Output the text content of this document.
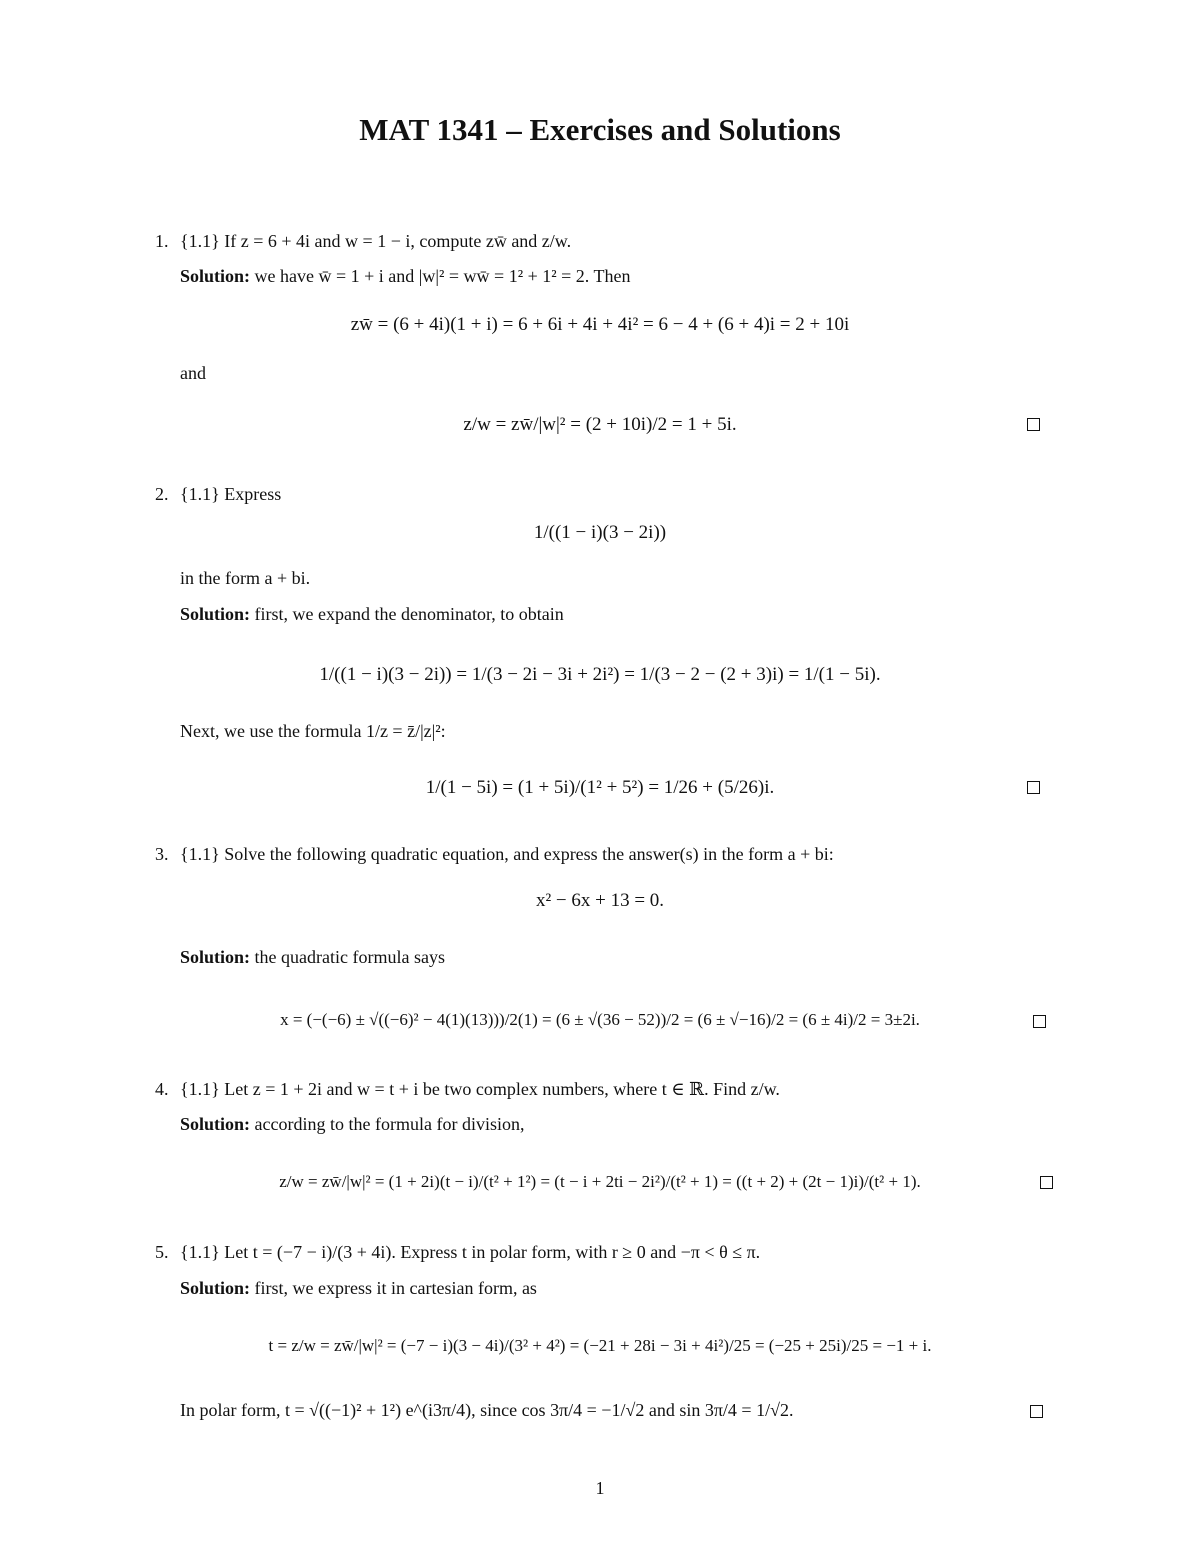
MAT 1341 – Exercises and Solutions
1. {1.1} If z = 6 + 4i and w = 1 − i, compute zw̄ and z/w.
Solution: we have w̄ = 1 + i and |w|² = ww̄ = 1² + 1² = 2. Then
zw̄ = (6 + 4i)(1 + i) = 6 + 6i + 4i + 4i² = 6 − 4 + (6 + 4)i = 2 + 10i
and
z/w = zw̄/|w|² = (2 + 10i)/2 = 1 + 5i.
2. {1.1} Express
1/((1 − i)(3 − 2i))
in the form a + bi.
Solution: first, we expand the denominator, to obtain
1/((1 − i)(3 − 2i)) = 1/(3 − 2i − 3i + 2i²) = 1/(3 − 2 − (2 + 3)i) = 1/(1 − 5i).
Next, we use the formula 1/z = z̄/|z|²:
1/(1 − 5i) = (1 + 5i)/(1² + 5²) = 1/26 + (5/26)i.
3. {1.1} Solve the following quadratic equation, and express the answer(s) in the form a + bi:
x² − 6x + 13 = 0.
Solution: the quadratic formula says
x = (−(−6) ± √((−6)² − 4(1)(13)))/2(1) = (6 ± √(36 − 52))/2 = (6 ± √−16)/2 = (6 ± 4i)/2 = 3±2i.
4. {1.1} Let z = 1 + 2i and w = t + i be two complex numbers, where t ∈ ℝ. Find z/w.
Solution: according to the formula for division,
z/w = zw̄/|w|² = (1 + 2i)(t − i)/(t² + 1²) = (t − i + 2ti − 2i²)/(t² + 1) = ((t + 2) + (2t − 1)i)/(t² + 1).
5. {1.1} Let t = (−7 − i)/(3 + 4i). Express t in polar form, with r ≥ 0 and −π < θ ≤ π.
Solution: first, we express it in cartesian form, as
t = z/w = zw̄/|w|² = (−7 − i)(3 − 4i)/(3² + 4²) = (−21 + 28i − 3i + 4i²)/25 = (−25 + 25i)/25 = −1 + i.
In polar form, t = √((−1)² + 1²) e^(i3π/4), since cos 3π/4 = −1/√2 and sin 3π/4 = 1/√2.
1
